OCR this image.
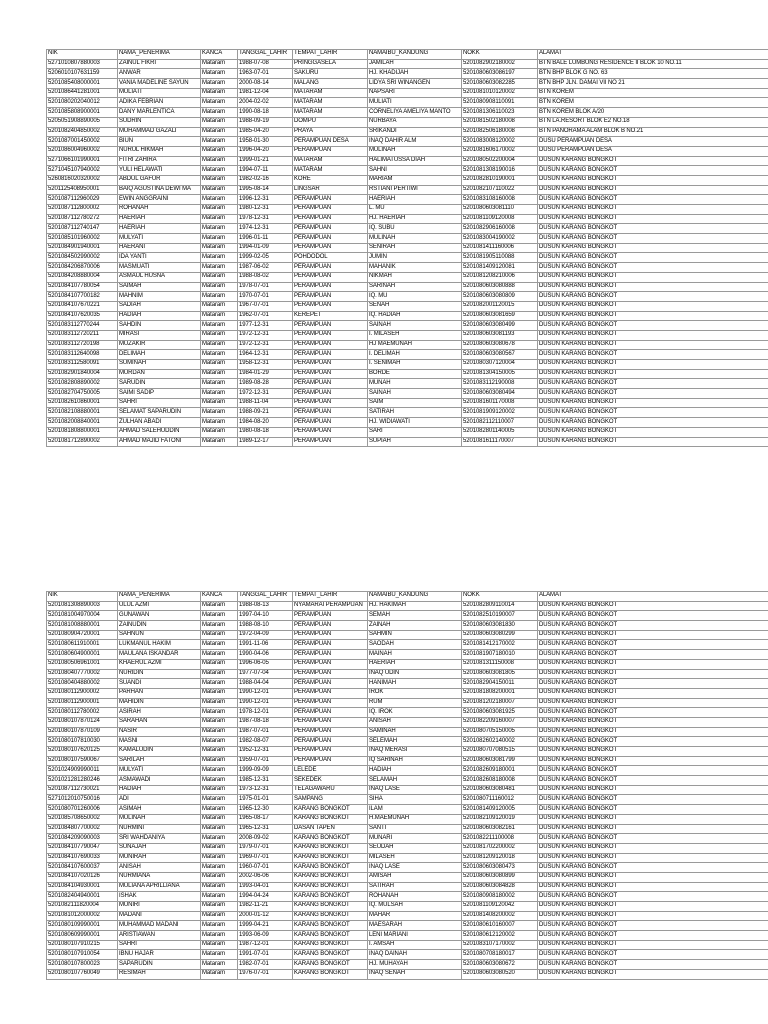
NIK	NAMA_PENERIMA	KANCA	TANGGAL_LAHIR	TEMPAT_LAHIR	NAMAIBU_KANDUNG	NOKK	ALAMAT
5271010807880003	ZAINUL FIKRI	Mataram	1988-07-08	PRINGGASELA	JAMILAH	5201082902180002	BTN BALE LUMBUNG RESIDENCE II BLOK 10 NO.11
5206010107631159	ANWAR	Mataram	1963-07-01	SAKURU	HJ. KHADIJAH	5201080603086197	BTN BHP BLOK G NO. 63
5201085408000001	VANIA MADELINE SAYUN	Mataram	2000-08-14	MALANG	LIDYA SRI WINANGEN	5201080603082285	BTN BHP JLN. DAMAI VII NO 21
5201086441281001	MULIATI	Mataram	1981-12-04	MATARAM	NAPSARI	5201081010120002	BTN KOREM
5201080202040012	ADIKA FEBRIAN	Mataram	2004-02-02	MATARAM	MULIATI	5201080908110091	BTN KOREM
5201085808900001	DANY MARLENTICA	Mataram	1990-08-18	MATARAM	CORNELIYA AMELIYA MANTO	5201081306110023	BTN KOREM BLOK A/20
5205051908890005	SUDRIN	Mataram	1988-09-19	DOMPU	NURBAYA	5201081502180008	BTN LA.RESORT BLOK E2 NO.18
5201082404850002	MUHAMMAD GAZALI	Mataram	1985-04-20	PRAYA	SRIKANDI	5201082506180008	BTN PANORAMA ALAM BLOK B NO.21
5201087001450002	BIUN	Mataram	1958-01-30	PERAMPUAN DESA	INAQ DAHIR ALM	5201083008120002	DUSU PERAMPUAN DESA
5201086004960002	NURUL HIKMAH	Mataram	1996-04-20	PERAMPUAN	MULINAH	5201081606170002	DUSU PERAMPUAN DESA
5271066101990001	FITRI ZAHIRA	Mataram	1999-01-21	MATARAM	HALIMATUSSA DIAH	5201080502200004	DUSUN KARANG BONGKOT
5271045107940002	YULI HELAWATI	Mataram	1994-07-11	MATARAM	SAHNI	5201081308190016	DUSUN KARANG BONGKOT
5260816020320002	ABDUL GAFUR	Mataram	1982-02-16	KORE	MARIAM	5201082810190001	DUSUN KARANG BONGKOT
5201125408950001	BAIQ AGUSTINA DEWI MA	Mataram	1995-08-14	LINGSAR	RSTIANI PERTIWI	5201082107110022	DUSUN KARANG BONGKOT
5201087112960029	EWIN ANGGRAINI	Mataram	1996-12-31	PERAMPUAN	HAERIAH	5201083108160008	DUSUN KARANG BONGKOT
5201087112800002	ROHANAH	Mataram	1980-12-31	PERAMPUAN	L. MU	5201080603081110	DUSUN KARANG BONGKOT
5201087112780272	HAERIAH	Mataram	1978-12-31	PERAMPUAN	HJ. HAERIAH	5201081109120008	DUSUN KARANG BONGKOT
5201087112740147	HAERIAH	Mataram	1974-12-31	PERAMPUAN	IQ. SUBU	5201082906160008	DUSUN KARANG BONGKOT
5201085101960002	MULYATI	Mataram	1996-01-11	PERAMPUAN	MULINAH	5201083004190002	DUSUN KARANG BONGKOT
5201084901940001	HAERANI	Mataram	1994-01-09	PERAMPUAN	SENIRAH	5201081411160006	DUSUN KARANG BONGKOT
5201084502990002	IDA YANTI	Mataram	1999-02-05	POHDODOL	JUMIN	5201081905110088	DUSUN KARANG BONGKOT
5201084206870006	MASMUATI	Mataram	1987-06-02	PERAMPUAN	MAHANIK	5201081409120081	DUSUN KARANG BONGKOT
5201084208880004	ASMAUL HUSNA	Mataram	1988-08-02	PERAMPUAN	NIKMAH	5201081208210006	DUSUN KARANG BONGKOT
5201084107780054	SAIMAH	Mataram	1978-07-01	PERAMPUAN	SARINAH	5201080603080888	DUSUN KARANG BONGKOT
5201084107700182	MAHNIM	Mataram	1970-07-01	PERAMPUAN	IQ. MU	5201080603080809	DUSUN KARANG BONGKOT
5201084107670221	SADIAH	Mataram	1967-07-01	PERAMPUAN	SENAH	5201082001120015	DUSUN KARANG BONGKOT
5201084107620035	HADIAH	Mataram	1962-07-01	KEREPET	IQ. HADIAH	5201080603081659	DUSUN KARANG BONGKOT
5201083112770244	SAHDIN	Mataram	1977-12-31	PERAMPUAN	SAINAH	5201080603080499	DUSUN KARANG BONGKOT
5201083112720211	MIRASI	Mataram	1972-12-31	PERAMPUAN	I. MILASEH	5201080603081193	DUSUN KARANG BONGKOT
5201083112720198	MUZAKIR	Mataram	1972-12-31	PERAMPUAN	HJ MAEMUNAH	5201080603080678	DUSUN KARANG BONGKOT
5201083112640098	DELIMAH	Mataram	1964-12-31	PERAMPUAN	I. DELIMAH	5201080603080567	DUSUN KARANG BONGKOT
5201083112580091	SUMINAH	Mataram	1958-12-31	PERAMPUAN	I. SENIMAH	5201080307120004	DUSUN KARANG BONGKOT
5201082901840004	MURDAN	Mataram	1984-01-29	PERAMPUAN	BORDE	5201081304150005	DUSUN KARANG BONGKOT
5201082808890002	SARUDIN	Mataram	1989-08-28	PERAMPUAN	MUNAH	5201083112190008	DUSUN KARANG BONGKOT
5201082704750005	SAIMI SADIP	Mataram	1972-12-31	PERAMPUAN	SAINAH	5201080603080494	DUSUN KARANG BONGKOT
5201082610860001	SAHRI	Mataram	1988-11-04	PERAMPUAN	SAIM	5201081601170008	DUSUN KARANG BONGKOT
5201082108880001	SELAMAT SAPARUDIN	Mataram	1988-09-21	PERAMPUAN	SATIRAH	5201081909120002	DUSUN KARANG BONGKOT
5201082008840001	ZULHAN ABADI	Mataram	1984-08-20	PERAMPUAN	HJ. WIDIAWATI	5201082112110007	DUSUN KARANG BONGKOT
5201081808800001	AHMAD SALEHUDDIN	Mataram	1980-08-18	PERAMPUAN	SARI	5201082801140005	DUSUN KARANG BONGKOT
5201081712890002	AHMAD MAJID FATONI	Mataram	1989-12-17	PERAMPUAN	SUPIAH	5201081611170007	DUSUN KARANG BONGKOT
NIK	NAMA_PENERIMA	KANCA	TANGGAL_LAHIR	TEMPAT_LAHIR	NAMAIBU_KANDUNG	NOKK	ALAMAT
5201081308890003	ULUL AZMI	Mataram	1988-08-13	NYAMARAI PERAMPUAN	HJ. HAKIMAH	5201082809110014	DUSUN KARANG BONGKOT
5201081004970004	GUNAWAN	Mataram	1997-04-10	PERAMPUAN	SEMAH	5201082510190007	DUSUN KARANG BONGKOT
5201081008880001	ZAINUDIN	Mataram	1988-08-10	PERAMPUAN	ZAINAH	5201080603081830	DUSUN KARANG BONGKOT
5201080904720001	SAHNUN	Mataram	1972-04-09	PERAMPUAN	SAHMIN	5201080603080299	DUSUN KARANG BONGKOT
5201080611910001	LUKMANUL HAKIM	Mataram	1991-11-06	PERAMPUAN	SAODAH	5201081412170002	DUSUN KARANG BONGKOT
5201080604900001	MAULANA ISKANDAR	Mataram	1990-04-06	PERAMPUAN	MAINAH	5201081907180010	DUSUN KARANG BONGKOT
5201080506961001	KHAERUL AZMI	Mataram	1996-06-05	PERAMPUAN	HAERIAH	5201081311150008	DUSUN KARANG BONGKOT
5201080407770002	NURIDIN	Mataram	1977-07-04	PERAMPUAN	INAQ UDIN	5201080603081805	DUSUN KARANG BONGKOT
5201080404880002	SUANDI	Mataram	1988-04-04	PERAMPUAN	HANIMAH	5201082904150011	DUSUN KARANG BONGKOT
5201080112900002	PARHAN	Mataram	1990-12-01	PERAMPUAN	IROK	5201081808200001	DUSUN KARANG BONGKOT
5201080112900001	MAHIDIN	Mataram	1990-12-01	PERAMPUAN	RUM	5201081202180007	DUSUN KARANG BONGKOT
5201080112780002	ASIRAH	Mataram	1978-12-01	PERAMPUAN	IQ. IROK	5201080603081925	DUSUN KARANG BONGKOT
5201080107870124	SARAHAN	Mataram	1987-08-18	PERAMPUAN	ANISAH	5201082209160007	DUSUN KARANG BONGKOT
5201080107870109	NASIR	Mataram	1987-07-01	PERAMPUAN	SAMINAH	5201080705150005	DUSUN KARANG BONGKOT
5201080107810030	MASNI	Mataram	1982-08-07	PERAMPUAN	SELEMAH	5201082602140002	DUSUN KARANG BONGKOT
5201080107620125	KAMALUDIN	Mataram	1952-12-31	PERAMPUAN	INAQ MERASI	5201080707080515	DUSUN KARANG BONGKOT
5201080107590067	SARILAH	Mataram	1959-07-01	PERAMPUAN	IQ SARINAH	5201080603081799	DUSUN KARANG BONGKOT
5201024909990011	MULYATI	Mataram	1999-09-09	LELEDE	HADIAH	5201082609180001	DUSUN KARANG BONGKOT
5201021281280246	ASMAWADI	Mataram	1985-12-31	SEKEDEK	SELAMAH	5201082608180008	DUSUN KARANG BONGKOT
5201087112730021	HADIAH	Mataram	1973-12-31	TELAGAWARU	INAQ LASE	5201080603080481	DUSUN KARANG BONGKOT
5271012010750016	ADI	Mataram	1975-01-01	SAMPANG	SIHA	5201080711160012	DUSUN KARANG BONGKOT
5201080701260006	ASIMAH	Mataram	1965-12-30	KARANG BONGKOT	ILAM	5201081409120005	DUSUN KARANG BONGKOT
5201085708650002	MULINAH	Mataram	1965-08-17	KARANG BONGKOT	H.MAEMUNAH	5201082109120019	DUSUN KARANG BONGKOT
5201084807700002	NURMINI	Mataram	1965-12-31	DASAN TAPEN	SANTI	5201080603082161	DUSUN KARANG BONGKOT
5201084209090003	SRI WAHDANIYA	Mataram	2008-09-02	KARANG BONGKOT	MUNARI	5201082211100008	DUSUN KARANG BONGKOT
5201084107790047	SUNAJAH	Mataram	1979-07-01	KARANG BONGKOT	SEUDAH	5201081702200002	DUSUN KARANG BONGKOT
5201084107690033	MUNIRAH	Mataram	1969-07-01	KARANG BONGKOT	MILASEH	5201081209120018	DUSUN KARANG BONGKOT
5201084107600037	ANISAH	Mataram	1960-07-01	KARANG BONGKOT	INAQ LASE	5201080603080473	DUSUN KARANG BONGKOT
5201084107020126	NURMIANA	Mataram	2002-06-06	KARANG BONGKOT	AMISAH	5201080603080899	DUSUN KARANG BONGKOT
5201084104930001	MULIANA APRILLIANA	Mataram	1993-04-01	KARANG BONGKOT	SATIRAH	5201080603084828	DUSUN KARANG BONGKOT
5201082404940001	ISHAK	Mataram	1994-04-24	KARANG BONGKOT	ROHANAH	5201080908180002	DUSUN KARANG BONGKOT
5201082111820004	MUNIRI	Mataram	1982-11-21	KARANG BONGKOT	IQ. MULSAH	5201081109120042	DUSUN KARANG BONGKOT
5201081012000002	MADANI	Mataram	2000-01-12	KARANG BONGKOT	MAHAR	5201081408200002	DUSUN KARANG BONGKOT
5201080109990001	MUHAMMAD MADANI	Mataram	1999-04-21	KARANG BONGKOT	MAESARAH	5201080610160007	DUSUN KARANG BONGKOT
5201080609990001	ARISTIAWAN	Mataram	1993-06-09	KARANG BONGKOT	LENI MARIANI	5201080612120002	DUSUN KARANG BONGKOT
5201080107910215	SAHRI	Mataram	1987-12-01	KARANG BONGKOT	I. AMSAH	5201083107170002	DUSUN KARANG BONGKOT
5201080107910054	IBNU HAJAR	Mataram	1991-07-01	KARANG BONGKOT	INAQ DAINAH	5201080708180017	DUSUN KARANG BONGKOT
5201080107800023	SAPARUDIN	Mataram	1982-07-01	KARANG BONGKOT	HJ. MUHAYAH	5201080603080672	DUSUN KARANG BONGKOT
5201080107760049	RESIMAH	Mataram	1976-07-01	KARANG BONGKOT	INAQ SENAH	5201080603080520	DUSUN KARANG BONGKOT
